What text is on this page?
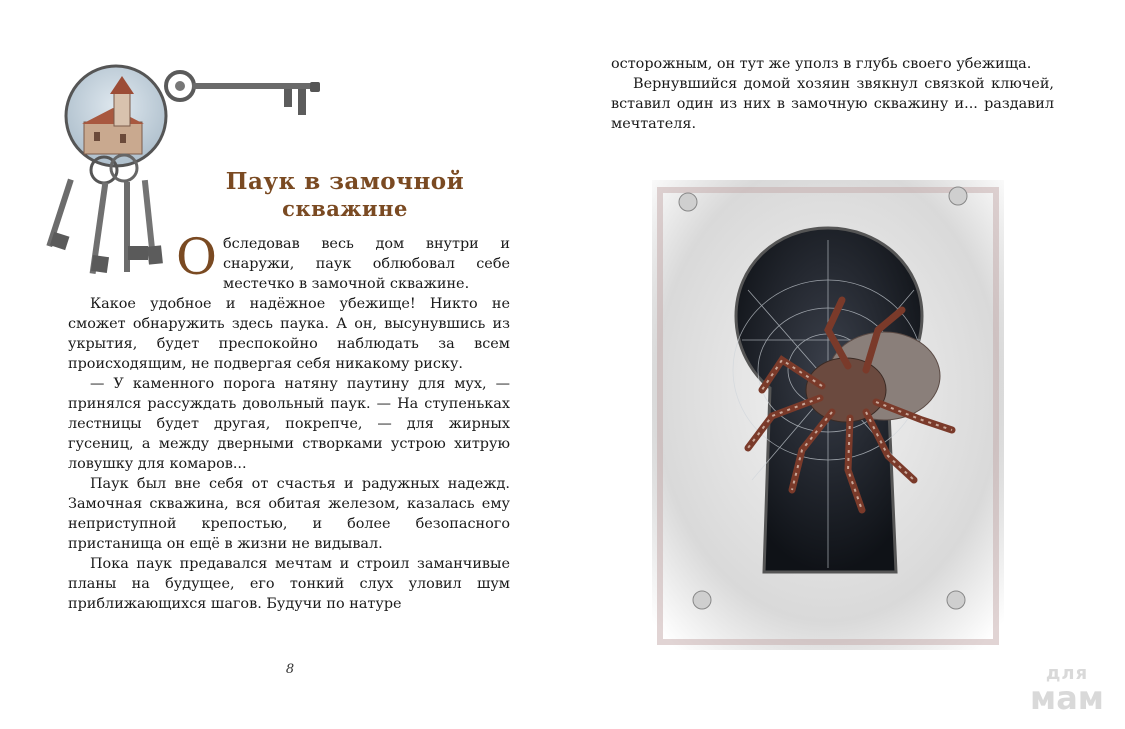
Паук в замочной
скважине

Обследовав весь дом внутри и снаружи, паук облюбовал себе местечко в замочной скважине.

Какое удобное и надёжное убежище! Никто не сможет обнаружить здесь паука. А он, высунувшись из укрытия, будет преспокойно наблюдать за всем происходящим, не подвергая себя никакому риску.

— У каменного порога натяну паутину для мух, — принялся рассуждать довольный паук. — На ступеньках лестницы будет другая, покрепче, — для жирных гусениц, а между дверными створками устрою хитрую ловушку для комаров...

Паук был вне себя от счастья и радужных надежд. Замочная скважина, вся обитая железом, казалась ему неприступной крепостью, и более безопасного пристанища он ещё в жизни не видывал.

Пока паук предавался мечтам и строил заманчивые планы на будущее, его тонкий слух уловил шум приближающихся шагов. Будучи по натуре

8

осторожным, он тут же уполз в глубь своего убежища.

Вернувшийся домой хозяин звякнул связкой ключей, вставил один из них в замочную скважину и... раздавил мечтателя.

для
мам
